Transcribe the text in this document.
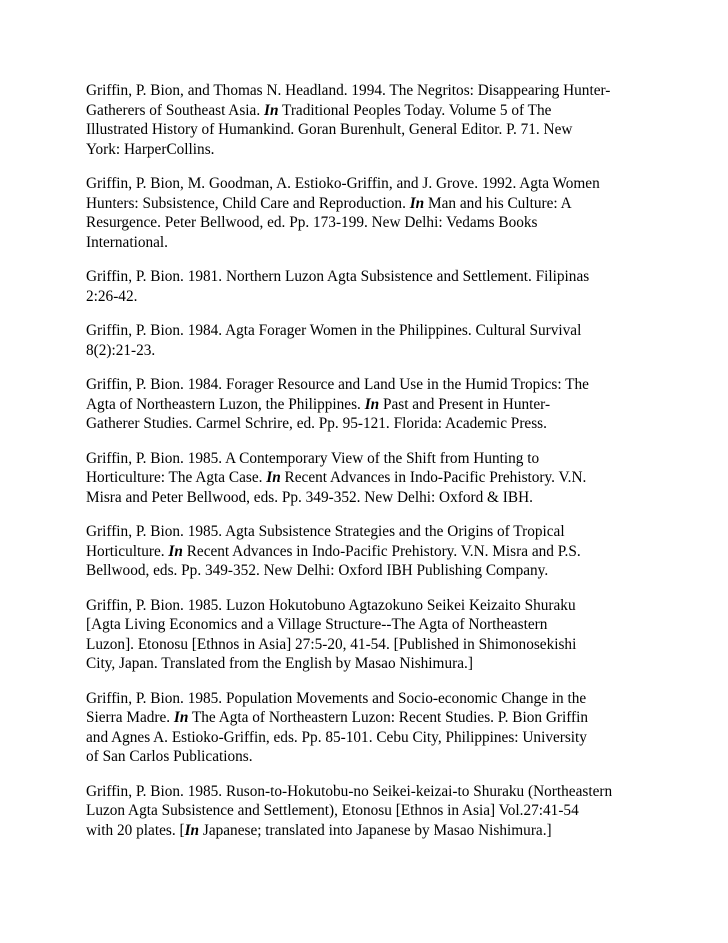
Griffin, P. Bion, and Thomas N. Headland. 1994. The Negritos: Disappearing Hunter-
Gatherers of Southeast Asia. In Traditional Peoples Today. Volume 5 of The
Illustrated History of Humankind. Goran Burenhult, General Editor. P. 71. New
York: HarperCollins.
Griffin, P. Bion, M. Goodman, A. Estioko-Griffin, and J. Grove. 1992. Agta Women
Hunters: Subsistence, Child Care and Reproduction. In Man and his Culture: A
Resurgence. Peter Bellwood, ed. Pp. 173-199. New Delhi: Vedams Books
International.
Griffin, P. Bion. 1981. Northern Luzon Agta Subsistence and Settlement. Filipinas
2:26-42.
Griffin, P. Bion. 1984. Agta Forager Women in the Philippines. Cultural Survival
8(2):21-23.
Griffin, P. Bion. 1984. Forager Resource and Land Use in the Humid Tropics: The
Agta of Northeastern Luzon, the Philippines. In Past and Present in Hunter-
Gatherer Studies. Carmel Schrire, ed. Pp. 95-121. Florida: Academic Press.
Griffin, P. Bion. 1985. A Contemporary View of the Shift from Hunting to
Horticulture: The Agta Case. In Recent Advances in Indo-Pacific Prehistory. V.N.
Misra and Peter Bellwood, eds. Pp. 349-352. New Delhi: Oxford & IBH.
Griffin, P. Bion. 1985. Agta Subsistence Strategies and the Origins of Tropical
Horticulture. In Recent Advances in Indo-Pacific Prehistory. V.N. Misra and P.S.
Bellwood, eds. Pp. 349-352. New Delhi: Oxford IBH Publishing Company.
Griffin, P. Bion. 1985. Luzon Hokutobuno Agtazokuno Seikei Keizaito Shuraku
[Agta Living Economics and a Village Structure--The Agta of Northeastern
Luzon]. Etonosu [Ethnos in Asia] 27:5-20, 41-54. [Published in Shimonosekishi
City, Japan. Translated from the English by Masao Nishimura.]
Griffin, P. Bion. 1985. Population Movements and Socio-economic Change in the
Sierra Madre. In The Agta of Northeastern Luzon: Recent Studies. P. Bion Griffin
and Agnes A. Estioko-Griffin, eds. Pp. 85-101. Cebu City, Philippines: University
of San Carlos Publications.
Griffin, P. Bion. 1985. Ruson-to-Hokutobu-no Seikei-keizai-to Shuraku (Northeastern
Luzon Agta Subsistence and Settlement), Etonosu [Ethnos in Asia] Vol.27:41-54
with 20 plates. [In Japanese; translated into Japanese by Masao Nishimura.]
